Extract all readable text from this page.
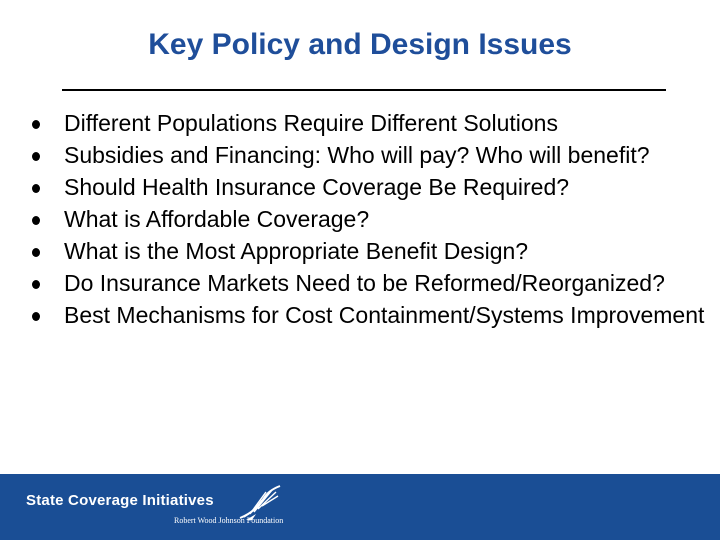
Key Policy and Design Issues
Different Populations Require Different Solutions
Subsidies and Financing: Who will pay? Who will benefit?
Should Health Insurance Coverage Be Required?
What is Affordable Coverage?
What is the Most Appropriate Benefit Design?
Do Insurance Markets Need to be Reformed/Reorganized?
Best Mechanisms for Cost Containment/Systems Improvement
State Coverage Initiatives
Robert Wood Johnson Foundation
